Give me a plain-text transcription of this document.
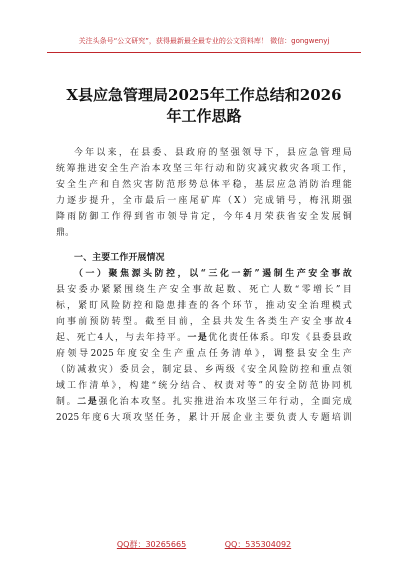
关注头条号“公文研究”，获得最新最全最专业的公文资料库！ 微信：gongwenyj
X县应急管理局2025年工作总结和2026
年工作思路
今年以来，在县委、县政府的坚强领导下，县应急管理局
统筹推进安全生产治本攻坚三年行动和防灾减灾救灾各项工作，
安全生产和自然灾害防范形势总体平稳，基层应急消防治理能
力逐步提升，全市最后一座尾矿库（X）完成销号，梅汛期强
降雨防御工作得到省市领导肯定，今年4月荣获省安全发展铜
鼎。
一、主要工作开展情况
（一）聚焦源头防控，以“三化一新”遏制生产安全事故
县安委办紧紧围绕生产安全事故起数、死亡人数“零增长”目
标，紧盯风险防控和隐患排查的各个环节，推动安全治理模式
向事前预防转型。截至目前，全县共发生各类生产安全事故4
起、死亡4人，与去年持平。一是优化责任体系。印发《县委县政
府领导2025年度安全生产重点任务清单》，调整县安全生产
（防减救灾）委员会，制定县、乡两级《安全风险防控和重点领
域工作清单》，构建“统分结合、权责对等”的安全防范协同机
制。二是强化治本攻坚。扎实推进治本攻坚三年行动，全面完成
2025年度6大项攻坚任务，累计开展企业主要负责人专题培训
QQ群：30265665	QQ：535304092
